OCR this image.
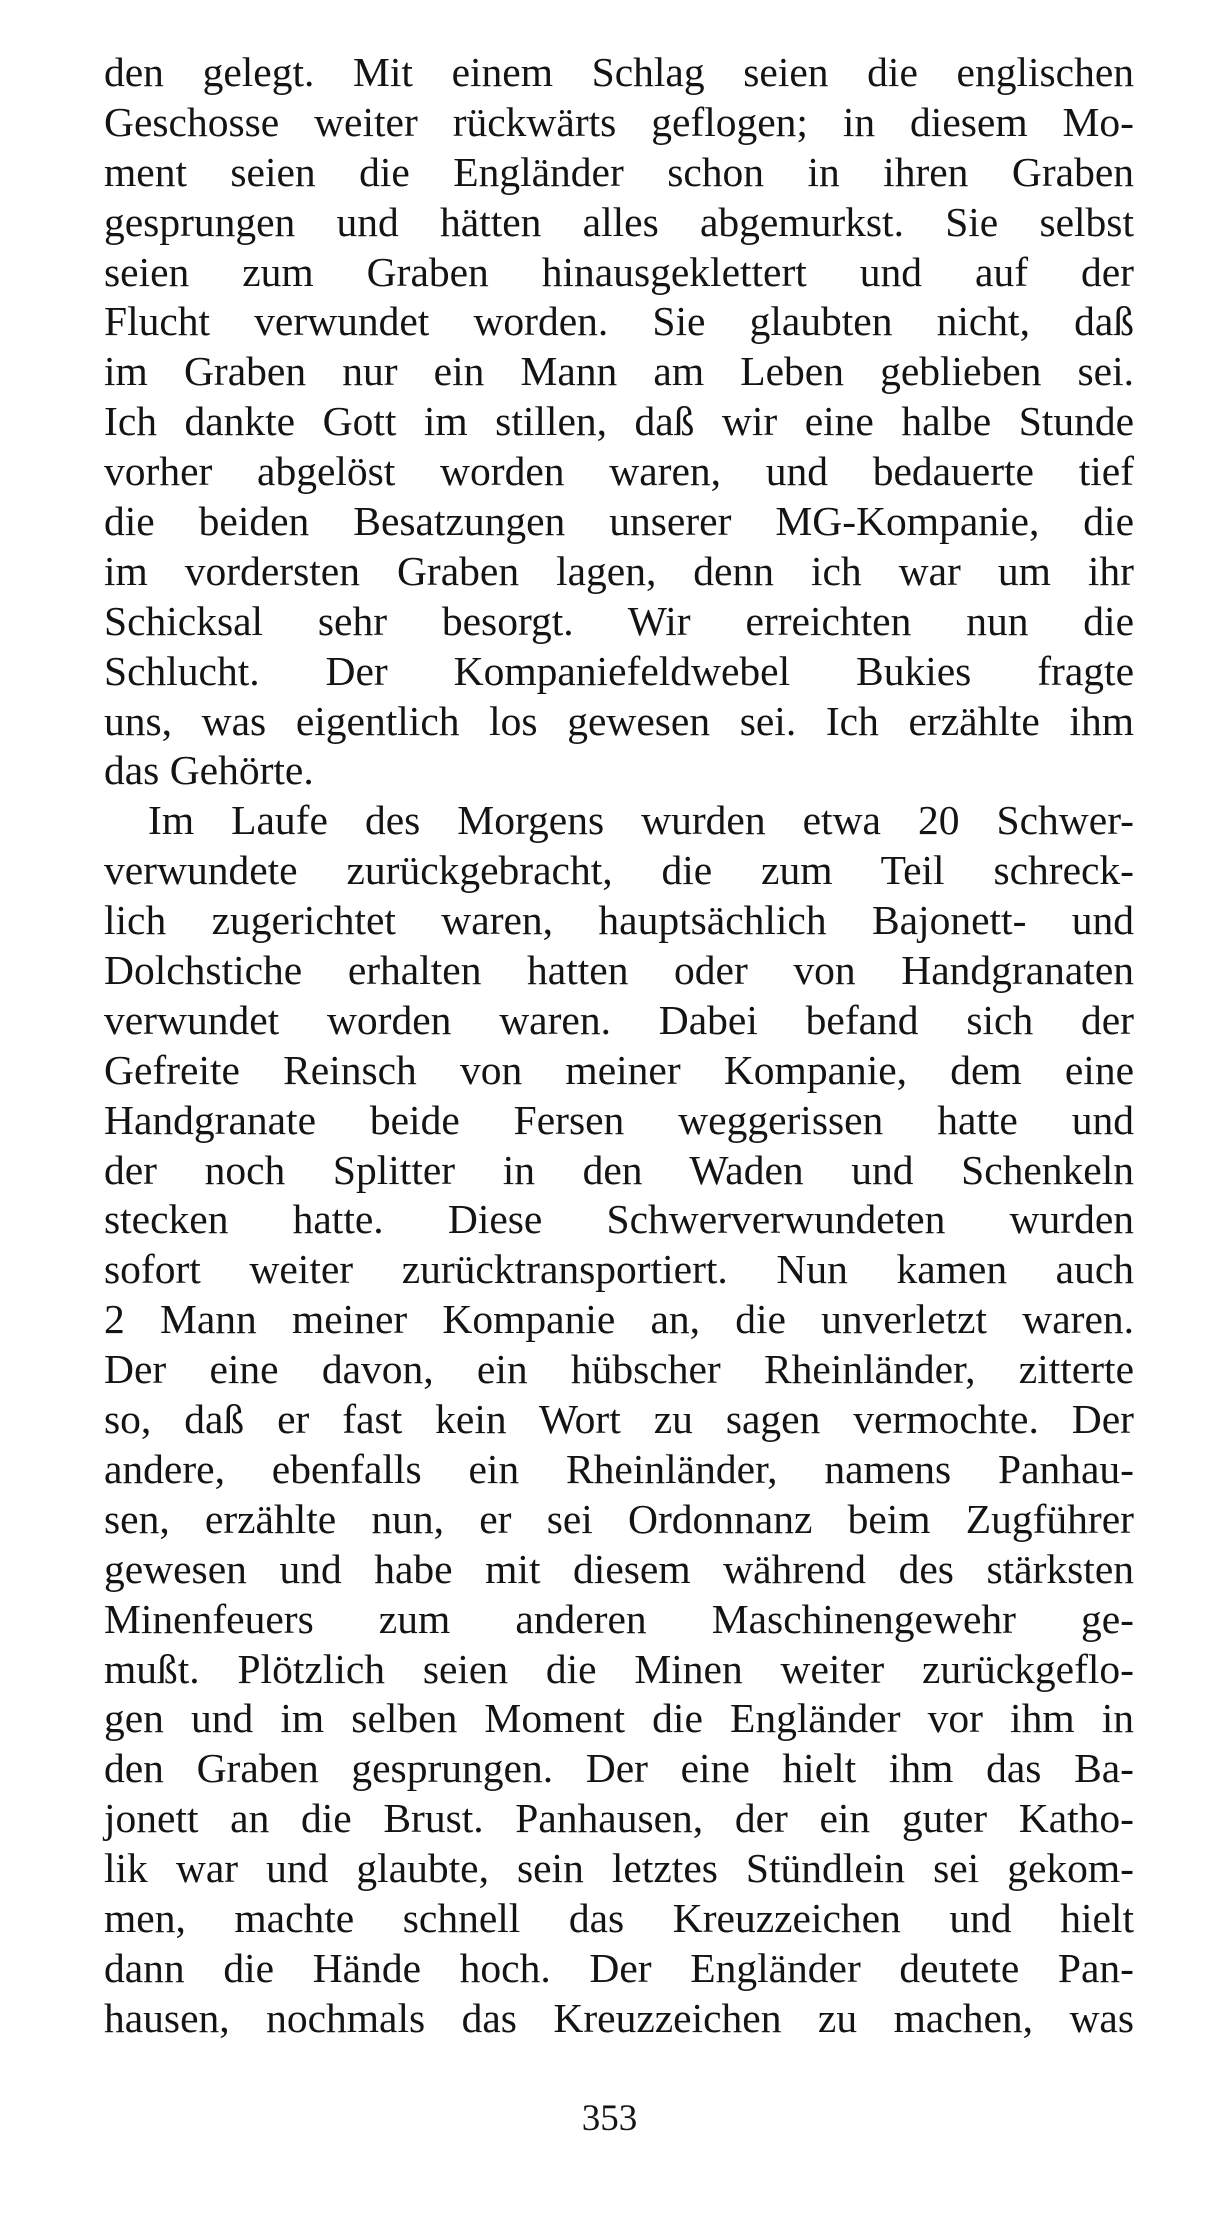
den gelegt. Mit einem Schlag seien die englischen
Geschosse weiter rückwärts geflogen; in diesem Mo-
ment seien die Engländer schon in ihren Graben
gesprungen und hätten alles abgemurkst. Sie selbst
seien zum Graben hinausgeklettert und auf der
Flucht verwundet worden. Sie glaubten nicht, daß
im Graben nur ein Mann am Leben geblieben sei.
Ich dankte Gott im stillen, daß wir eine halbe Stunde
vorher abgelöst worden waren, und bedauerte tief
die beiden Besatzungen unserer MG-Kompanie, die
im vordersten Graben lagen, denn ich war um ihr
Schicksal sehr besorgt. Wir erreichten nun die
Schlucht. Der Kompaniefeldwebel Bukies fragte
uns, was eigentlich los gewesen sei. Ich erzählte ihm
das Gehörte.
Im Laufe des Morgens wurden etwa 20 Schwer-
verwundete zurückgebracht, die zum Teil schreck-
lich zugerichtet waren, hauptsächlich Bajonett- und
Dolchstiche erhalten hatten oder von Handgranaten
verwundet worden waren. Dabei befand sich der
Gefreite Reinsch von meiner Kompanie, dem eine
Handgranate beide Fersen weggerissen hatte und
der noch Splitter in den Waden und Schenkeln
stecken hatte. Diese Schwerverwundeten wurden
sofort weiter zurücktransportiert. Nun kamen auch
2 Mann meiner Kompanie an, die unverletzt waren.
Der eine davon, ein hübscher Rheinländer, zitterte
so, daß er fast kein Wort zu sagen vermochte. Der
andere, ebenfalls ein Rheinländer, namens Panhau-
sen, erzählte nun, er sei Ordonnanz beim Zugführer
gewesen und habe mit diesem während des stärksten
Minenfeuers zum anderen Maschinengewehr ge-
mußt. Plötzlich seien die Minen weiter zurückgeflo-
gen und im selben Moment die Engländer vor ihm in
den Graben gesprungen. Der eine hielt ihm das Ba-
jonett an die Brust. Panhausen, der ein guter Katho-
lik war und glaubte, sein letztes Stündlein sei gekom-
men, machte schnell das Kreuzzeichen und hielt
dann die Hände hoch. Der Engländer deutete Pan-
hausen, nochmals das Kreuzzeichen zu machen, was
353
